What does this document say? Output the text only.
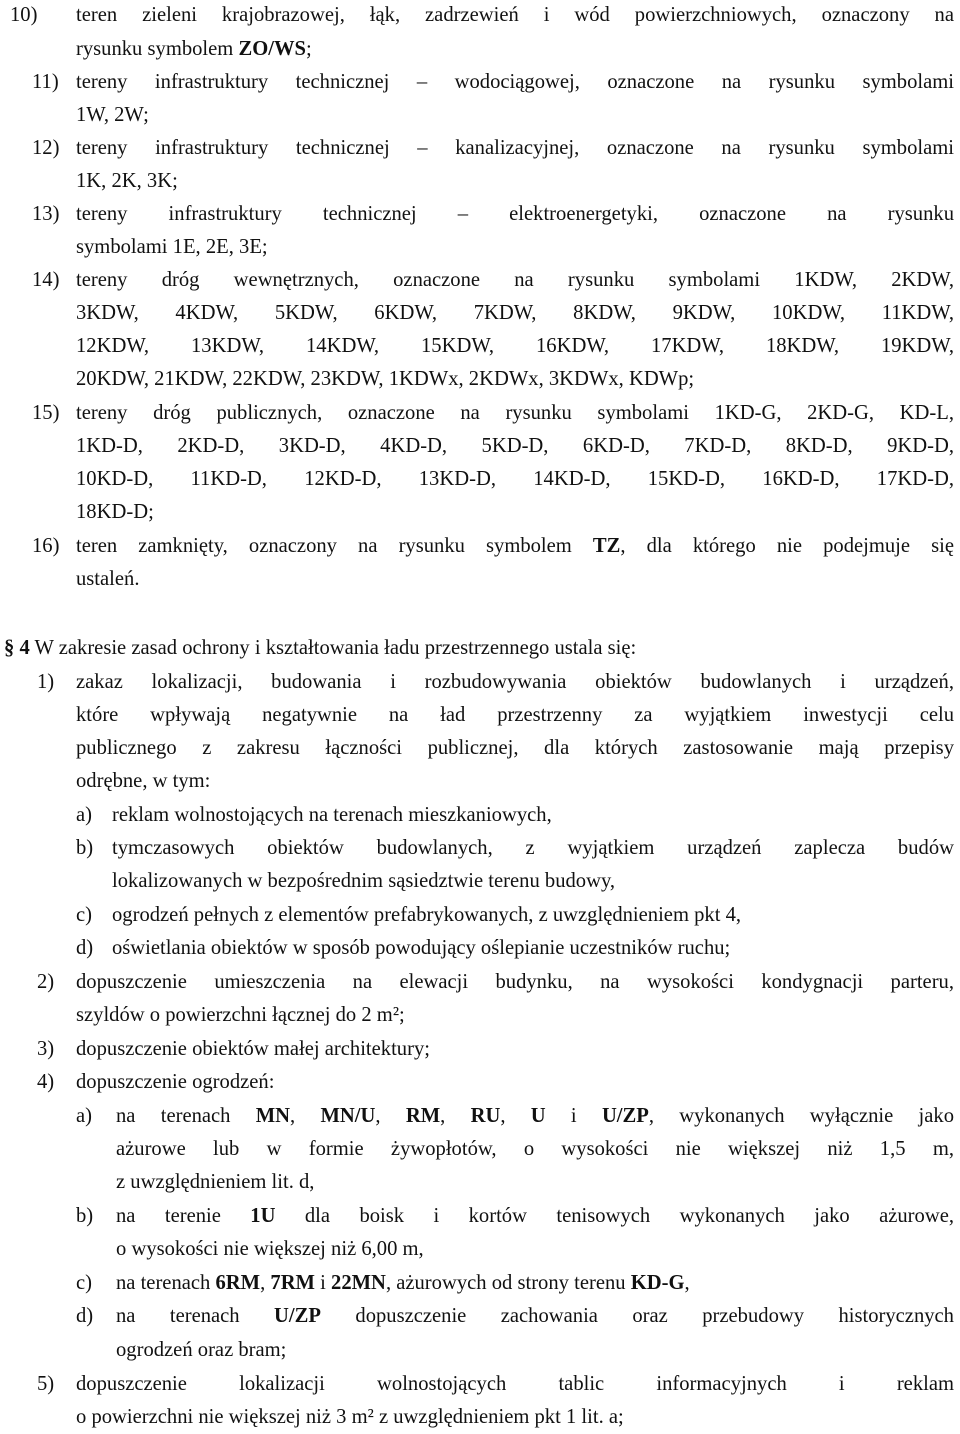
10) teren zieleni krajobrazowej, łąk, zadrzewień i wód powierzchniowych, oznaczony na
rysunku symbolem ZO/WS;
11) tereny infrastruktury technicznej – wodociągowej, oznaczone na rysunku symbolami
1W, 2W;
12) tereny infrastruktury technicznej – kanalizacyjnej, oznaczone na rysunku symbolami
1K, 2K, 3K;
13) tereny infrastruktury technicznej – elektroenergetyki, oznaczone na rysunku
symbolami 1E, 2E, 3E;
14) tereny dróg wewnętrznych, oznaczone na rysunku symbolami 1KDW, 2KDW,
3KDW, 4KDW, 5KDW, 6KDW, 7KDW, 8KDW, 9KDW, 10KDW, 11KDW,
12KDW, 13KDW, 14KDW, 15KDW, 16KDW, 17KDW, 18KDW, 19KDW,
20KDW, 21KDW, 22KDW, 23KDW, 1KDWx, 2KDWx, 3KDWx, KDWp;
15) tereny dróg publicznych, oznaczone na rysunku symbolami 1KD-G, 2KD-G, KD-L,
1KD-D, 2KD-D, 3KD-D, 4KD-D, 5KD-D, 6KD-D, 7KD-D, 8KD-D, 9KD-D,
10KD-D, 11KD-D, 12KD-D, 13KD-D, 14KD-D, 15KD-D, 16KD-D, 17KD-D,
18KD-D;
16) teren zamknięty, oznaczony na rysunku symbolem TZ, dla którego nie podejmuje się
ustaleń.
§ 4 W zakresie zasad ochrony i kształtowania ładu przestrzennego ustala się:
1) zakaz lokalizacji, budowania i rozbudowywania obiektów budowlanych i urządzeń,
które wpływają negatywnie na ład przestrzenny za wyjątkiem inwestycji celu
publicznego z zakresu łączności publicznej, dla których zastosowanie mają przepisy
odrębne, w tym:
a) reklam wolnostojących na terenach mieszkaniowych,
b) tymczasowych obiektów budowlanych, z wyjątkiem urządzeń zaplecza budów
lokalizowanych w bezpośrednim sąsiedztwie terenu budowy,
c) ogrodzeń pełnych z elementów prefabrykowanych, z uwzględnieniem pkt 4,
d) oświetlania obiektów w sposób powodujący oślepianie uczestników ruchu;
2) dopuszczenie umieszczenia na elewacji budynku, na wysokości kondygnacji parteru,
szyldów o powierzchni łącznej do 2 m²;
3) dopuszczenie obiektów małej architektury;
4) dopuszczenie ogrodzeń:
a) na terenach MN, MN/U, RM, RU, U i U/ZP, wykonanych wyłącznie jako
ażurowe lub w formie żywopłotów, o wysokości nie większej niż 1,5 m,
z uwzględnieniem lit. d,
b) na terenie 1U dla boisk i kortów tenisowych wykonanych jako ażurowe,
o wysokości nie większej niż 6,00 m,
c) na terenach 6RM, 7RM i 22MN, ażurowych od strony terenu KD-G,
d) na terenach U/ZP dopuszczenie zachowania oraz przebudowy historycznych
ogrodzeń oraz bram;
5) dopuszczenie lokalizacji wolnostojących tablic informacyjnych i reklam
o powierzchni nie większej niż 3 m² z uwzględnieniem pkt 1 lit. a;
